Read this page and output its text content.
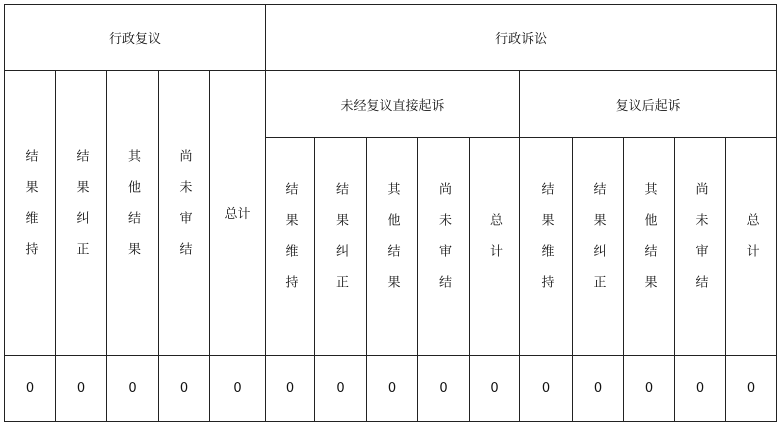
行政复议					行政诉讼									
结果维持	结果纠正	其他结果	尚未审结	总计	未经复议直接起诉					复议后起诉				
					结果维持	结果纠正	其他结果	尚未审结	总计	结果维持	结果纠正	其他结果	尚未审结	总计
0	0	0	0	0	0	0	0	0	0	0	0	0	0	0
